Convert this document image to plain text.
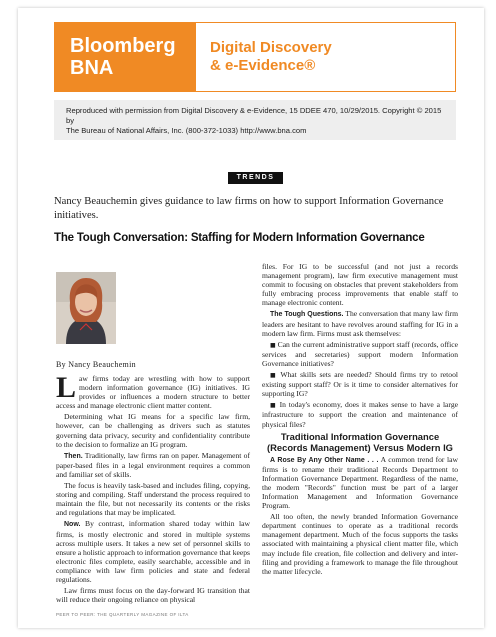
Bloomberg
BNA
Digital Discovery
& e-Evidence®
Reproduced with permission from Digital Discovery & e-Evidence, 15 DDEE 470, 10/29/2015. Copyright © 2015 by
The Bureau of National Affairs, Inc. (800-372-1033) http://www.bna.com
TRENDS
Nancy Beauchemin gives guidance to law firms on how to support Information Governance initiatives.
The Tough Conversation: Staffing for Modern Information Governance
By Nancy Beauchemin

Law firms today are wrestling with how to support modern information governance (IG) initiatives. IG provides or influences a modern structure to better access and manage electronic client matter content.

Determining what IG means for a specific law firm, however, can be challenging as drivers such as statutes governing data privacy, security and confidentiality contribute to the decision to formalize an IG program.

Then. Traditionally, law firms ran on paper. Management of paper-based files in a legal environment requires a common and familiar set of skills.

The focus is heavily task-based and includes filing, copying, storing and compiling. Staff understand the process required to maintain the file, but not necessarily its contents or the risks and regulations that may be implicated.

Now. By contrast, information shared today within law firms, is mostly electronic and stored in multiple systems across multiple users. It takes a new set of personnel skills to ensure a holistic approach to information governance that keeps electronic files complete, easily searchable, accessible and in compliance with law firm policies and state and federal regulations.

Law firms must focus on the day-forward IG transition that will reduce their ongoing reliance on physical

files. For IG to be successful (and not just a records management program), law firm executive management must commit to focusing on obstacles that prevent stakeholders from fully embracing process improvements that enable staff to manage electronic content.

The Tough Questions. The conversation that many law firm leaders are hesitant to have revolves around staffing for IG in a modern law firm. Firms must ask themselves:

■ Can the current administrative support staff (records, office services and secretaries) support modern Information Governance initiatives?

■ What skills sets are needed? Should firms try to retool existing support staff? Or is it time to consider alternatives for supporting IG?

■ In today's economy, does it makes sense to have a large infrastructure to support the creation and maintenance of physical files?

Traditional Information Governance (Records Management) Versus Modern IG

A Rose By Any Other Name . . . A common trend for law firms is to rename their traditional Records Department to Information Governance Department. Regardless of the name, the modern "Records" function must be part of a larger Information Management and Information Governance Program.

All too often, the newly branded Information Governance department continues to operate as a traditional records management department. Much of the focus supports the tasks associated with maintaining a physical client matter file, which may include file creation, file collection and delivery and inter-filing and providing a framework to manage the file throughout the matter lifecycle.

PEER TO PEER: THE QUARTERLY MAGAZINE OF ILTA
